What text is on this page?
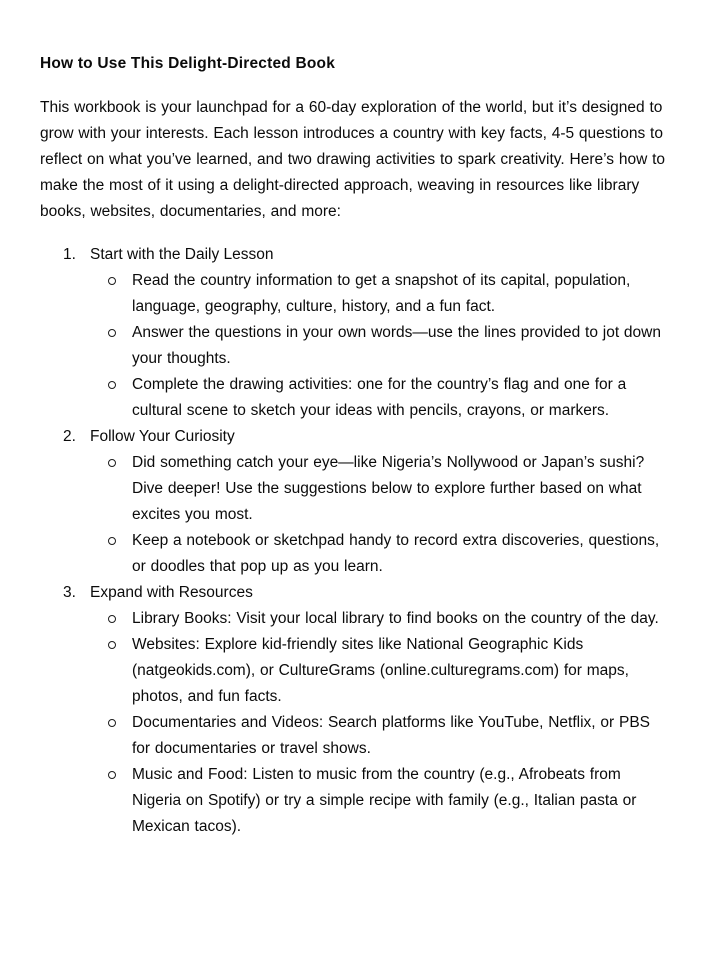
How to Use This Delight-Directed Book

This workbook is your launchpad for a 60-day exploration of the world, but it’s designed to grow with your interests. Each lesson introduces a country with key facts, 4-5 questions to reflect on what you’ve learned, and two drawing activities to spark creativity. Here’s how to make the most of it using a delight-directed approach, weaving in resources like library books, websites, documentaries, and more:

1. Start with the Daily Lesson
Read the country information to get a snapshot of its capital, population, language, geography, culture, history, and a fun fact.
Answer the questions in your own words—use the lines provided to jot down your thoughts.
Complete the drawing activities: one for the country’s flag and one for a cultural scene to sketch your ideas with pencils, crayons, or markers.
2. Follow Your Curiosity
Did something catch your eye—like Nigeria’s Nollywood or Japan’s sushi? Dive deeper! Use the suggestions below to explore further based on what excites you most.
Keep a notebook or sketchpad handy to record extra discoveries, questions, or doodles that pop up as you learn.
3. Expand with Resources
Library Books: Visit your local library to find books on the country of the day.
Websites: Explore kid-friendly sites like National Geographic Kids (natgeokids.com), or CultureGrams (online.culturegrams.com) for maps, photos, and fun facts.
Documentaries and Videos: Search platforms like YouTube, Netflix, or PBS for documentaries or travel shows.
Music and Food: Listen to music from the country (e.g., Afrobeats from Nigeria on Spotify) or try a simple recipe with family (e.g., Italian pasta or Mexican tacos).
